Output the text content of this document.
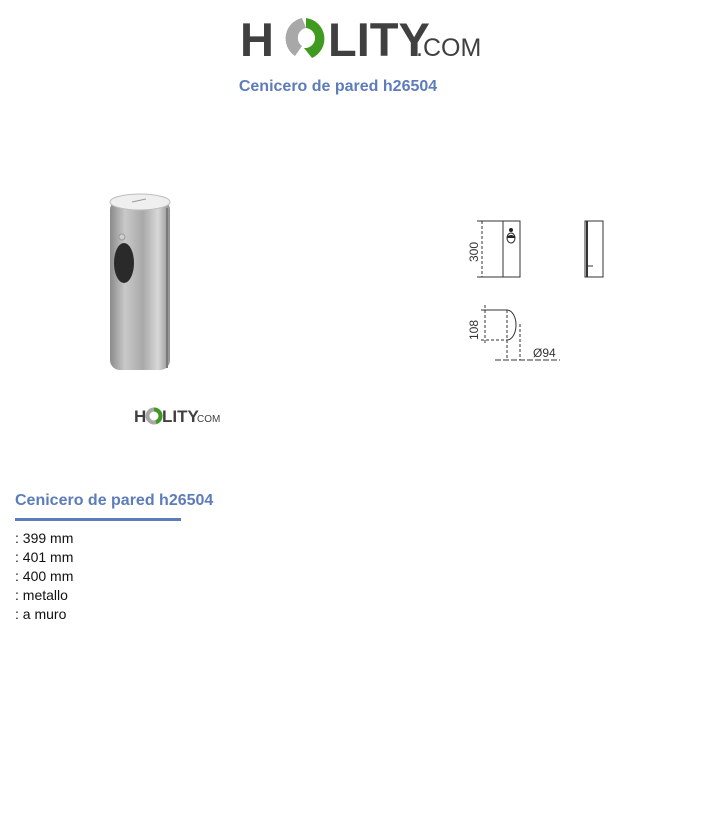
H LITY
.COM
Cenicero de pared h26504
H LITY
COM
300
108
Ø94
Cenicero de pared h26504
: 399 mm
: 401 mm
: 400 mm
: metallo
: a muro
